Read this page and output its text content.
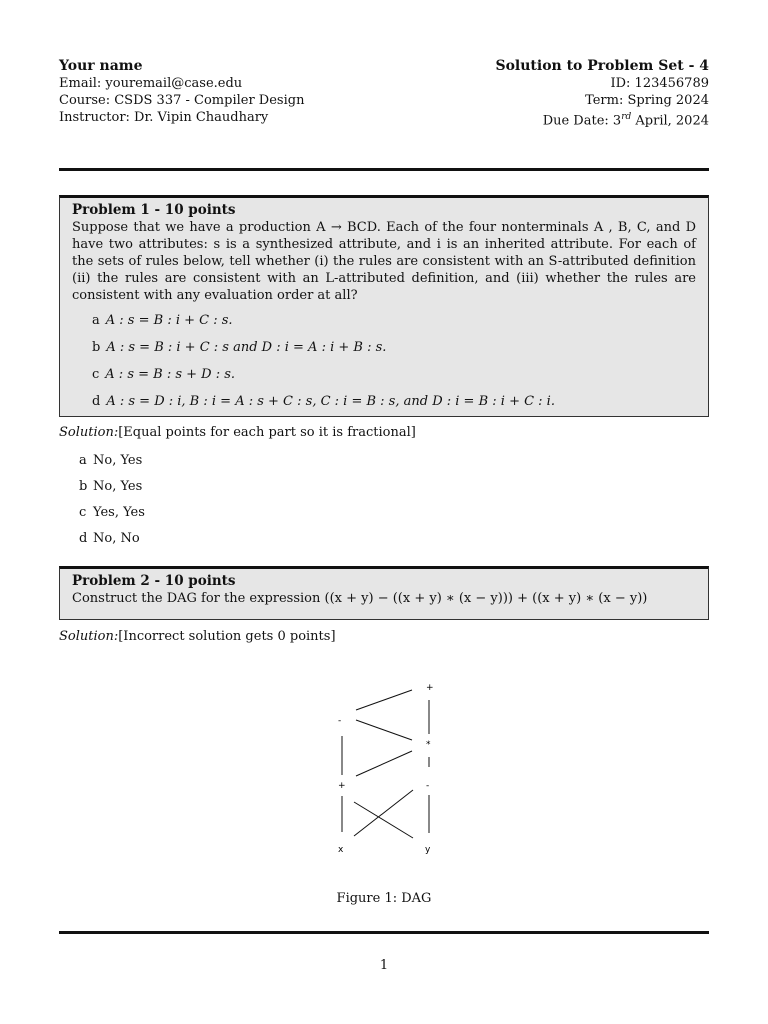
Your name
Email: youremail@case.edu
Course: CSDS 337 - Compiler Design
Instructor: Dr. Vipin Chaudhary
Solution to Problem Set - 4
ID: 123456789
Term: Spring 2024
Due Date: 3rd April, 2024
Problem 1 - 10 points
Suppose that we have a production A → BCD. Each of the four nonterminals A , B, C, and D have two attributes: s is a synthesized attribute, and i is an inherited attribute. For each of the sets of rules below, tell whether (i) the rules are consistent with an S-attributed definition (ii) the rules are consistent with an L-attributed definition, and (iii) whether the rules are consistent with any evaluation order at all?
a A : s = B : i + C : s.
b A : s = B : i + C : s and D : i = A : i + B : s.
c A : s = B : s + D : s.
d A : s = D : i, B : i = A : s + C : s, C : i = B : s, and D : i = B : i + C : i.
Solution:[Equal points for each part so it is fractional]
a No, Yes
b No, Yes
c Yes, Yes
d No, No
Problem 2 - 10 points
Construct the DAG for the expression ((x + y) − ((x + y) ∗ (x − y))) + ((x + y) ∗ (x − y))
Solution:[Incorrect solution gets 0 points]
+
-
*
+	-
x	y
Figure 1: DAG
1
